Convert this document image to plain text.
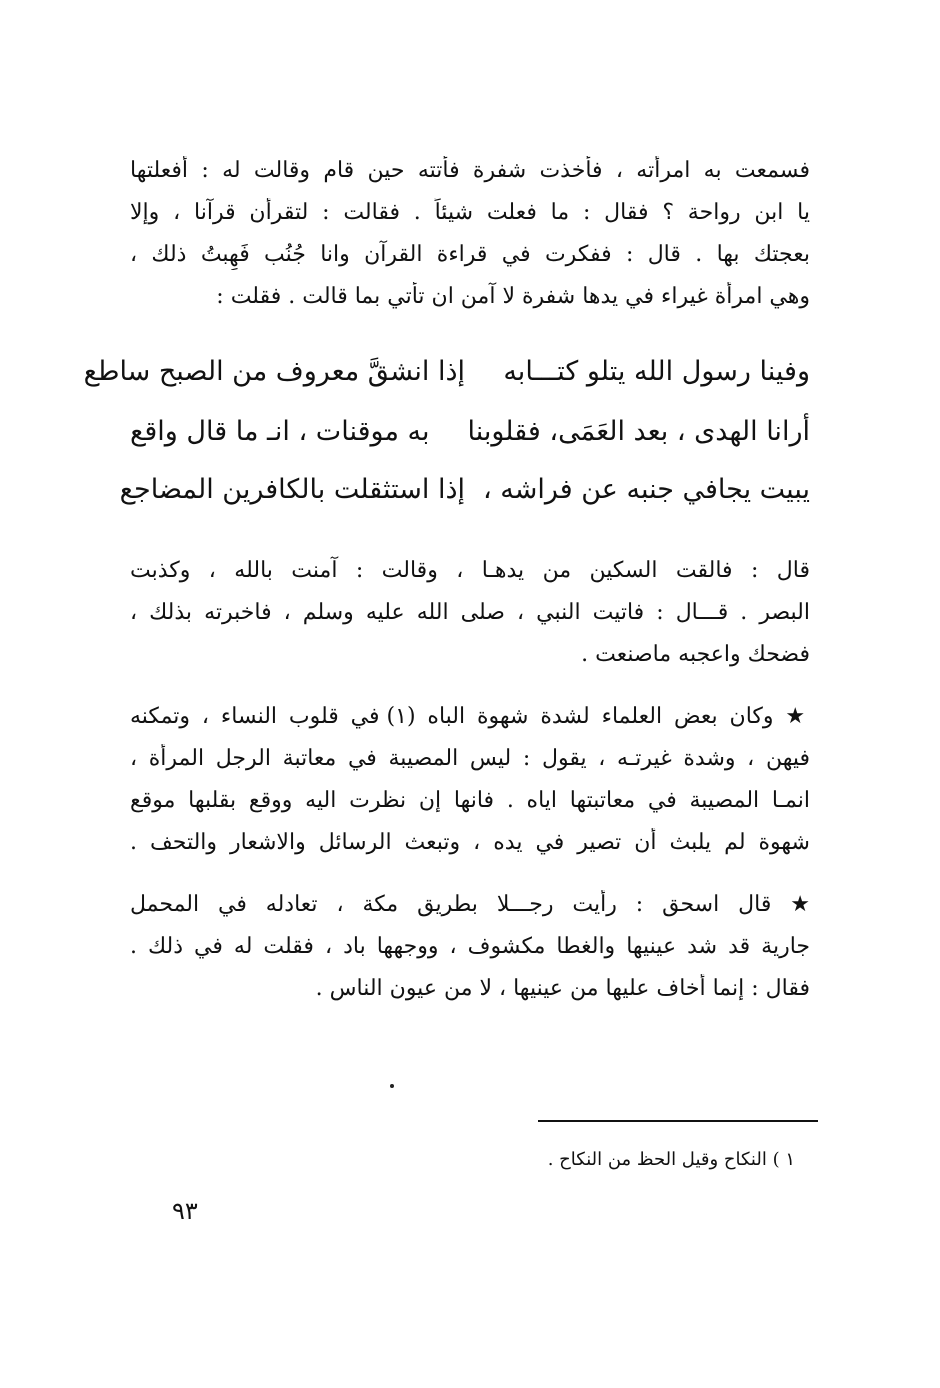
فسمعت به امرأته ، فأخذت شفرة فأتته حين قام وقالت له : أفعلتها
يا ابن رواحة ؟ فقال : ما فعلت شيئاً . فقالت : لتقرأن قرآنا ، وإلا
بعجتك بها . قال : ففكرت في قراءة القرآن وانا جُنُب فَهِبتُ ذلك ،
وهي امرأة غيراء في يدها شفرة لا آمن ان تأتي بما قالت . فقلت :
وفينا رسول الله يتلو كتـــابه
إذا انشقَّ معروف من الصبح ساطع
أرانا الهدى ، بعد العَمَى، فقلوبنا
به موقنات ، انـ ما قال واقع
يبيت يجافي جنبه عن فراشه ،
إذا استثقلت بالكافرين المضاجع
قال : فالقت السكين من يدهـا ، وقالت : آمنت بالله ، وكذبت
البصر . قـــال : فاتيت النبي ، صلى الله عليه وسلم ، فاخبرته بذلك ،
فضحك واعجبه ماصنعت .
★ وكان بعض العلماء لشدة شهوة الباه (١) في قلوب النساء ، وتمكنه
فيهن ، وشدة غيرتـه ، يقول : ليس المصيبة في معاتبة الرجل المرأة ،
انمـا المصيبة في معاتبتها اياه . فانها إن نظرت اليه ووقع بقلبها موقع
شهوة لم يلبث أن تصير في يده ، وتبعث الرسائل والاشعار والتحف .
★ قال اسحق : رأيت رجـــلا بطريق مكة ، تعادله في المحمل
جارية قد شد عينيها والغطا مكشوف ، ووجهها باد ، فقلت له في ذلك .
فقال : إنما أخاف عليها من عينيها ، لا من عيون الناس .
١ ) النكاح وقيل الحظ من النكاح .
٩٣
